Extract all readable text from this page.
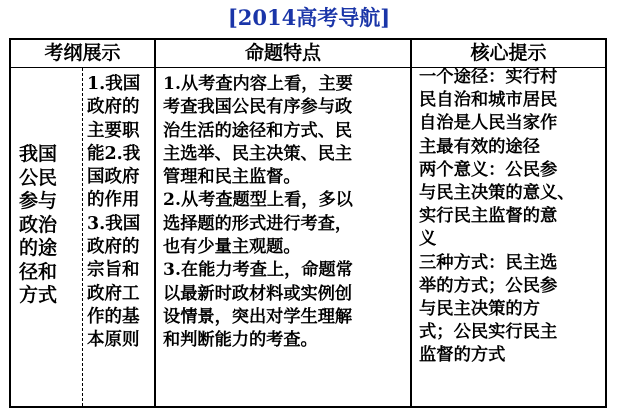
[2014高考导航]
考纲展示	命题特点	核心提示
我国
公民
参与
政治
的途
径和
方式
1.我国
政府的
主要职
能2.我
国政府
的作用
3.我国
政府的
宗旨和
政府工
作的基
本原则
1.从考查内容上看，主要
考查我国公民有序参与政
治生活的途径和方式、民
主选举、民主决策、民主
管理和民主监督。
2.从考查题型上看，多以
选择题的形式进行考查，
也有少量主观题。
3.在能力考查上，命题常
以最新时政材料或实例创
设情景，突出对学生理解
和判断能力的考查。
一个途径：实行村
民自治和城市居民
自治是人民当家作
主最有效的途径
两个意义：公民参
与民主决策的意义、
实行民主监督的意
义
三种方式：民主选
举的方式；公民参
与民主决策的方
式；公民实行民主
监督的方式
